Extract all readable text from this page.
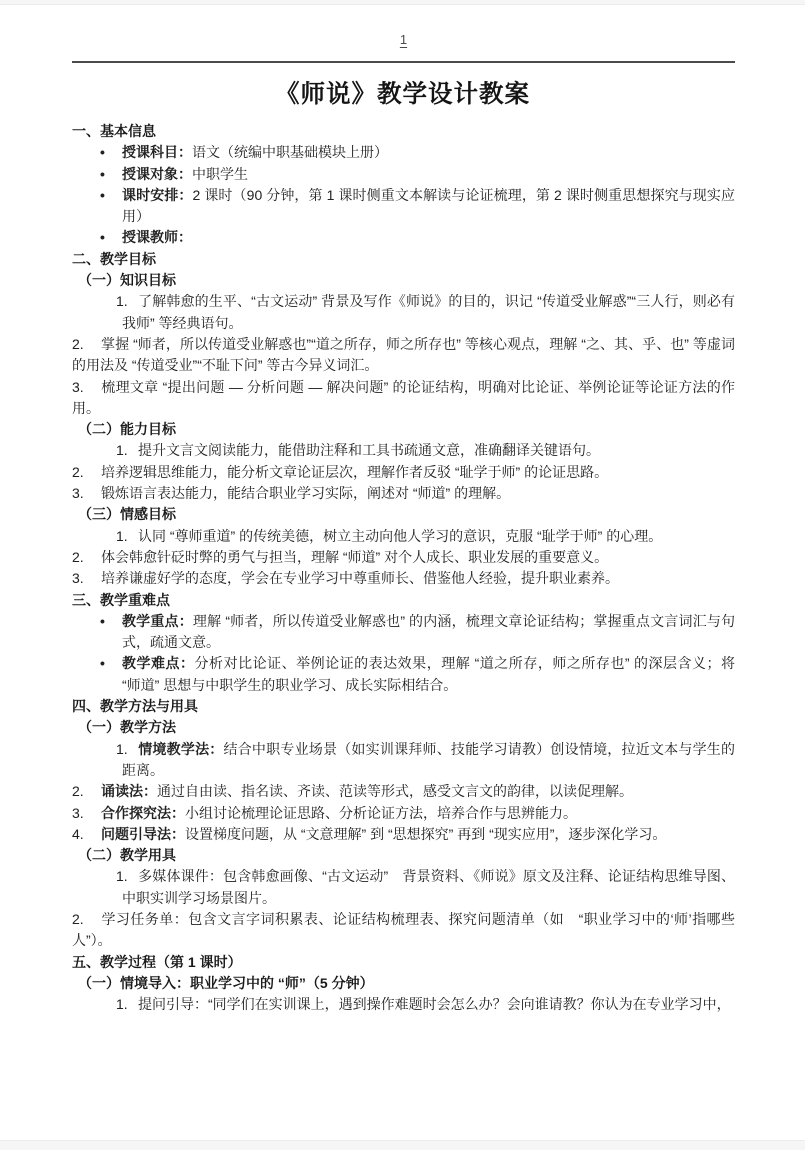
1
《师说》教学设计教案
一、基本信息
• 授课科目：语文（统编中职基础模块上册）
• 授课对象：中职学生
• 课时安排：2 课时（90 分钟，第 1 课时侧重文本解读与论证梳理，第 2 课时侧重思想探究与现实应用）
• 授课教师：
二、教学目标
（一）知识目标
1. 了解韩愈的生平、“古文运动” 背景及写作《师说》的目的，识记 “传道受业解惑”“三人行，则必有我师” 等经典语句。
2. 掌握 “师者，所以传道受业解惑也”“道之所存，师之所存也” 等核心观点，理解 “之、其、乎、也” 等虚词的用法及 “传道受业”“不耻下问” 等古今异义词汇。
3. 梳理文章 “提出问题 — 分析问题 — 解决问题” 的论证结构，明确对比论证、举例论证等论证方法的作用。
（二）能力目标
1. 提升文言文阅读能力，能借助注释和工具书疏通文意，准确翻译关键语句。
2. 培养逻辑思维能力，能分析文章论证层次，理解作者反驳 “耻学于师” 的论证思路。
3. 锻炼语言表达能力，能结合职业学习实际，阐述对 “师道” 的理解。
（三）情感目标
1. 认同 “尊师重道” 的传统美德，树立主动向他人学习的意识，克服 “耻学于师” 的心理。
2. 体会韩愈针砭时弊的勇气与担当，理解 “师道” 对个人成长、职业发展的重要意义。
3. 培养谦虚好学的态度，学会在专业学习中尊重师长、借鉴他人经验，提升职业素养。
三、教学重难点
• 教学重点：理解 “师者，所以传道受业解惑也” 的内涵，梳理文章论证结构；掌握重点文言词汇与句式，疏通文意。
• 教学难点：分析对比论证、举例论证的表达效果，理解 “道之所存，师之所存也” 的深层含义；将 “师道” 思想与中职学生的职业学习、成长实际相结合。
四、教学方法与用具
（一）教学方法
1. 情境教学法：结合中职专业场景（如实训课拜师、技能学习请教）创设情境，拉近文本与学生的距离。
2. 诵读法：通过自由读、指名读、齐读、范读等形式，感受文言文的韵律，以读促理解。
3. 合作探究法：小组讨论梳理论证思路、分析论证方法，培养合作与思辨能力。
4. 问题引导法：设置梯度问题，从 “文意理解” 到 “思想探究” 再到 “现实应用”，逐步深化学习。
（二）教学用具
1. 多媒体课件：包含韩愈画像、“古文运动”　背景资料、《师说》原文及注释、论证结构思维导图、中职实训学习场景图片。
2. 学习任务单：包含文言字词积累表、论证结构梳理表、探究问题清单（如　“职业学习中的‘师’指哪些人”）。
五、教学过程（第 1 课时）
（一）情境导入：职业学习中的 “师”（5 分钟）
1. 提问引导：“同学们在实训课上，遇到操作难题时会怎么办？会向谁请教？你认为在专业学习中，
